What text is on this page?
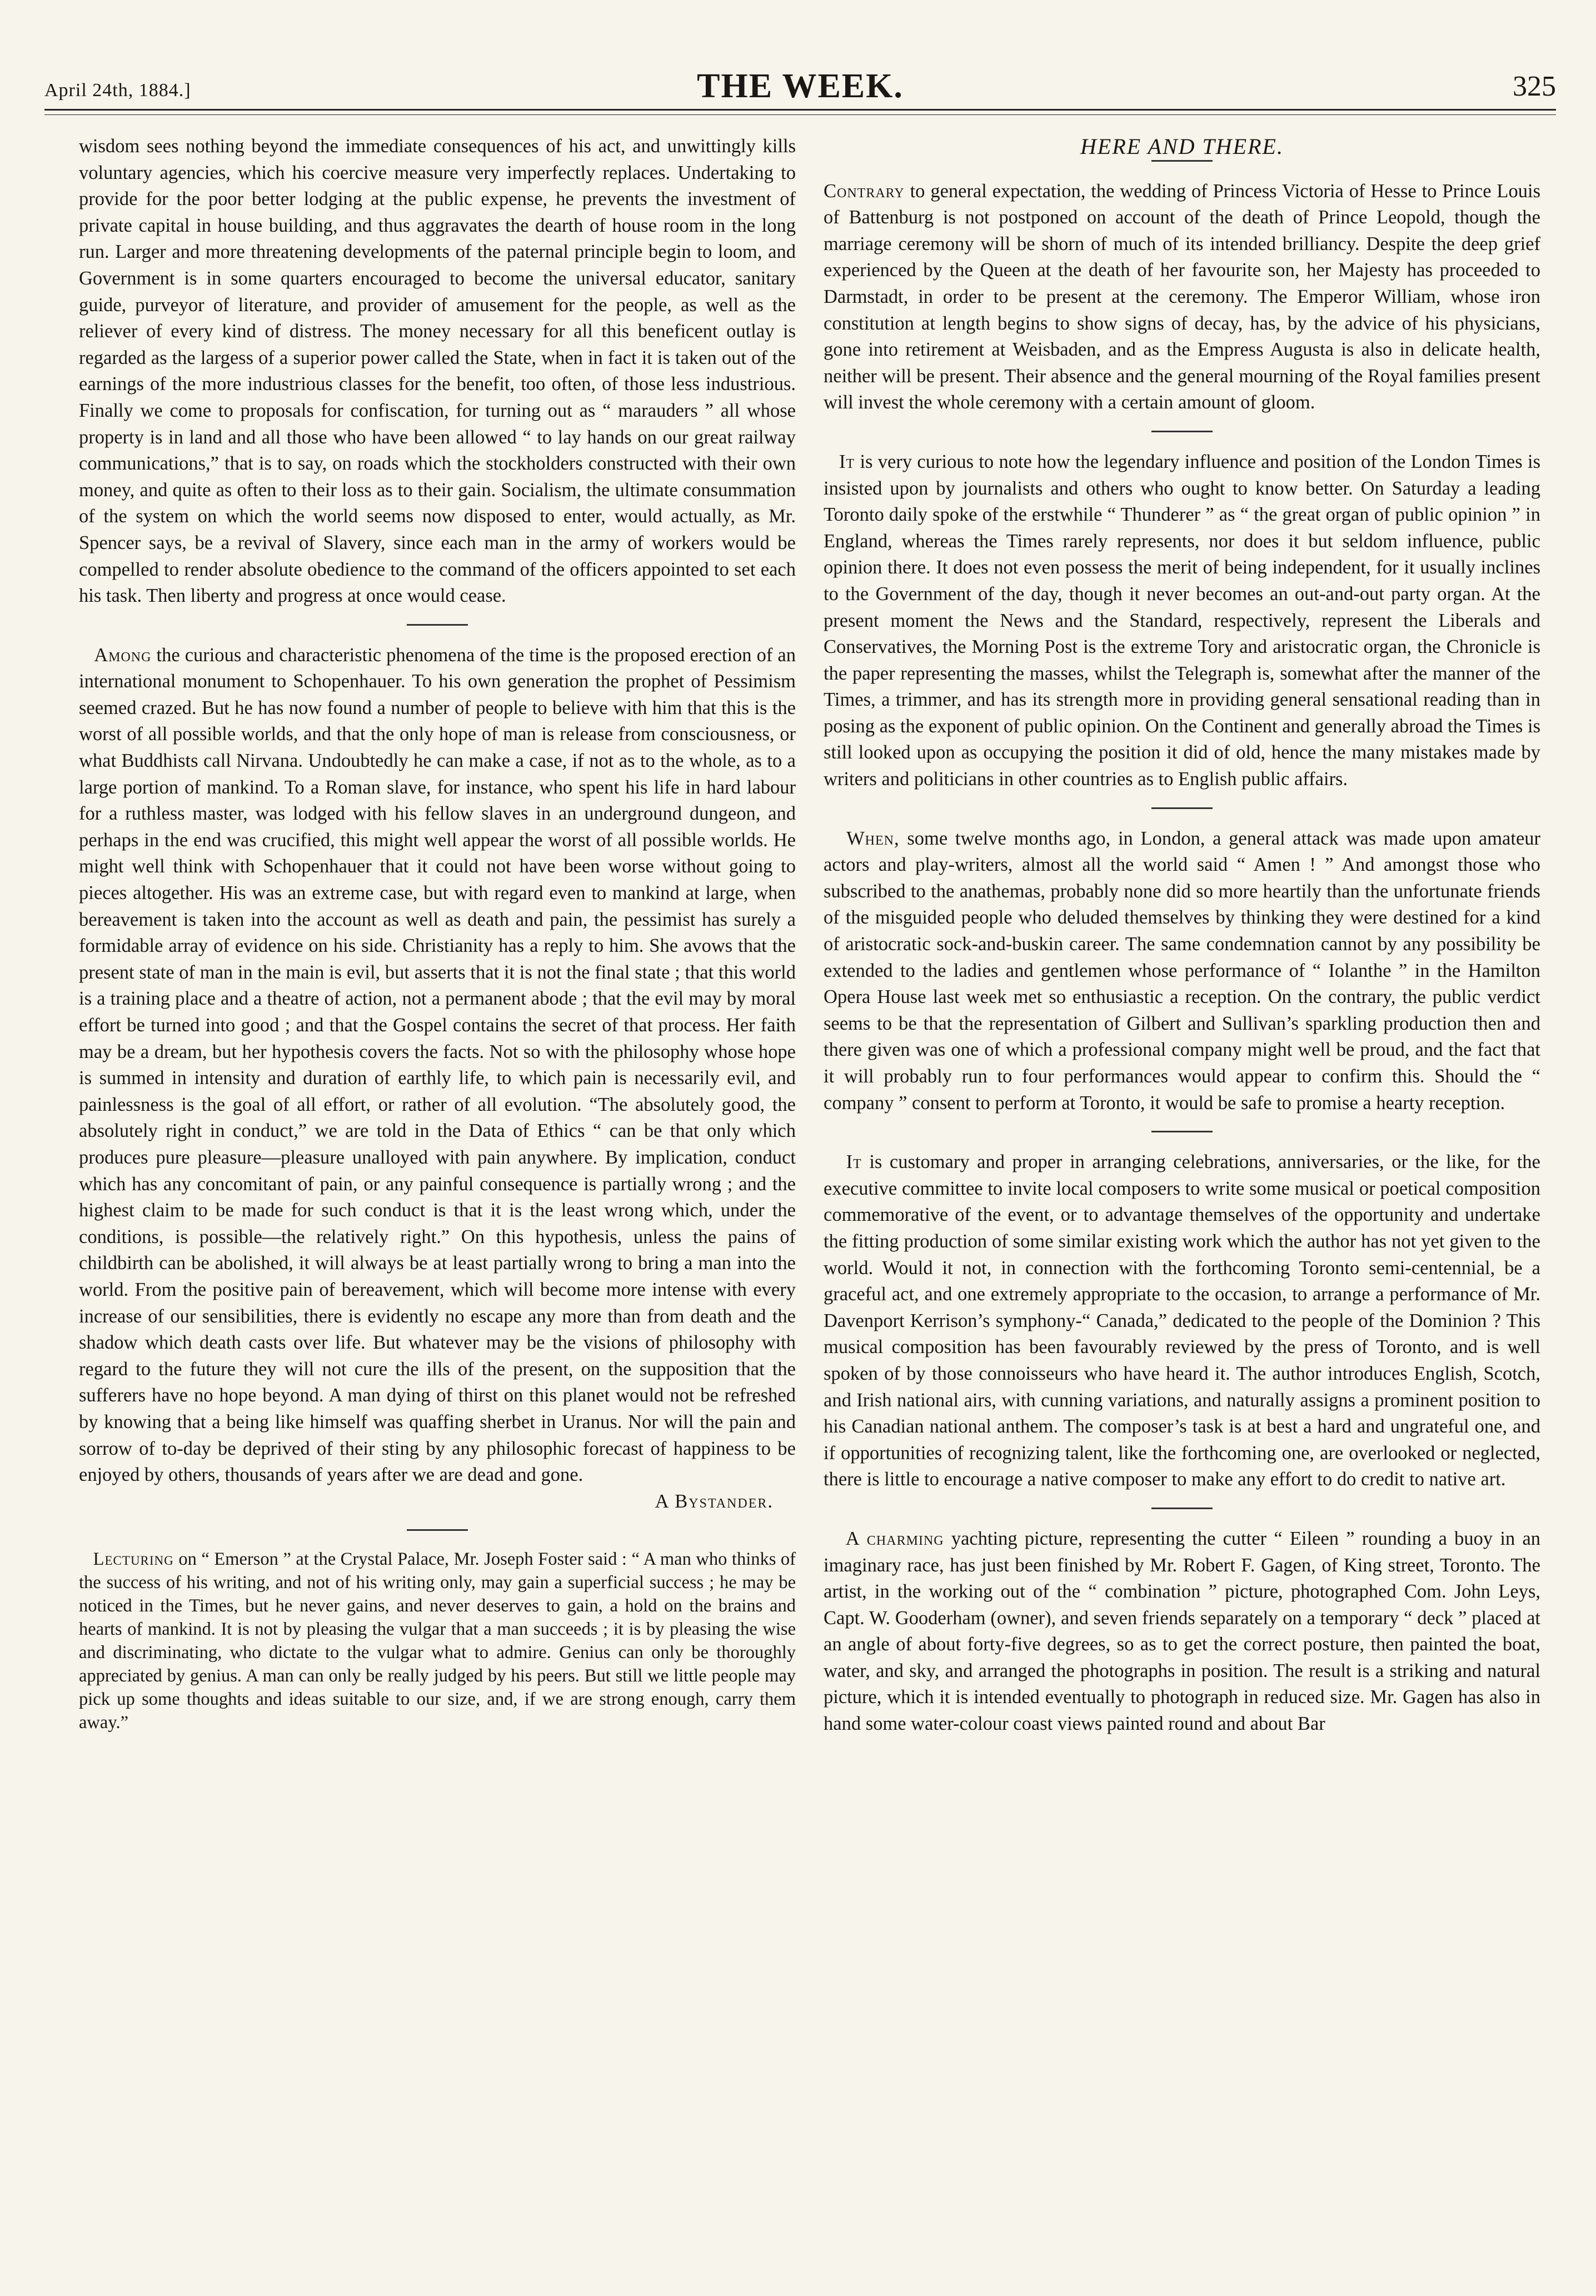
April 24th, 1884.]	THE WEEK.	325

wisdom sees nothing beyond the immediate consequences of his act, and unwittingly kills voluntary agencies, which his coercive measure very imperfectly replaces. Undertaking to provide for the poor better lodging at the public expense, he prevents the investment of private capital in house building, and thus aggravates the dearth of house room in the long run. Larger and more threatening developments of the paternal principle begin to loom, and Government is in some quarters encouraged to become the universal educator, sanitary guide, purveyor of literature, and provider of amusement for the people, as well as the reliever of every kind of distress. The money necessary for all this beneficent outlay is regarded as the largess of a superior power called the State, when in fact it is taken out of the earnings of the more industrious classes for the benefit, too often, of those less industrious. Finally we come to proposals for confiscation, for turning out as “ marauders ” all whose property is in land and all those who have been allowed “ to lay hands on our great railway communications,” that is to say, on roads which the stockholders constructed with their own money, and quite as often to their loss as to their gain. Socialism, the ultimate consummation of the system on which the world seems now disposed to enter, would actually, as Mr. Spencer says, be a revival of Slavery, since each man in the army of workers would be compelled to render absolute obedience to the command of the officers appointed to set each his task. Then liberty and progress at once would cease.

Among the curious and characteristic phenomena of the time is the proposed erection of an international monument to Schopenhauer. To his own generation the prophet of Pessimism seemed crazed. But he has now found a number of people to believe with him that this is the worst of all possible worlds, and that the only hope of man is release from consciousness, or what Buddhists call Nirvana. Undoubtedly he can make a case, if not as to the whole, as to a large portion of mankind. To a Roman slave, for instance, who spent his life in hard labour for a ruthless master, was lodged with his fellow slaves in an underground dungeon, and perhaps in the end was crucified, this might well appear the worst of all possible worlds. He might well think with Schopenhauer that it could not have been worse without going to pieces altogether. His was an extreme case, but with regard even to mankind at large, when bereavement is taken into the account as well as death and pain, the pessimist has surely a formidable array of evidence on his side. Christianity has a reply to him. She avows that the present state of man in the main is evil, but asserts that it is not the final state ; that this world is a training place and a theatre of action, not a permanent abode ; that the evil may by moral effort be turned into good ; and that the Gospel contains the secret of that process. Her faith may be a dream, but her hypothesis covers the facts. Not so with the philosophy whose hope is summed in intensity and duration of earthly life, to which pain is necessarily evil, and painlessness is the goal of all effort, or rather of all evolution. “The absolutely good, the absolutely right in conduct,” we are told in the Data of Ethics “ can be that only which produces pure pleasure—pleasure unalloyed with pain anywhere. By implication, conduct which has any concomitant of pain, or any painful consequence is partially wrong ; and the highest claim to be made for such conduct is that it is the least wrong which, under the conditions, is possible—the relatively right.” On this hypothesis, unless the pains of childbirth can be abolished, it will always be at least partially wrong to bring a man into the world. From the positive pain of bereavement, which will become more intense with every increase of our sensibilities, there is evidently no escape any more than from death and the shadow which death casts over life. But whatever may be the visions of philosophy with regard to the future they will not cure the ills of the present, on the supposition that the sufferers have no hope beyond. A man dying of thirst on this planet would not be refreshed by knowing that a being like himself was quaffing sherbet in Uranus. Nor will the pain and sorrow of to-day be deprived of their sting by any philosophic forecast of happiness to be enjoyed by others, thousands of years after we are dead and gone.

A Bystander.

Lecturing on “ Emerson ” at the Crystal Palace, Mr. Joseph Foster said : “ A man who thinks of the success of his writing, and not of his writing only, may gain a superficial success ; he may be noticed in the Times, but he never gains, and never deserves to gain, a hold on the brains and hearts of mankind. It is not by pleasing the vulgar that a man succeeds ; it is by pleasing the wise and discriminating, who dictate to the vulgar what to admire. Genius can only be thoroughly appreciated by genius. A man can only be really judged by his peers. But still we little people may pick up some thoughts and ideas suitable to our size, and, if we are strong enough, carry them away.”

HERE AND THERE.

Contrary to general expectation, the wedding of Princess Victoria of Hesse to Prince Louis of Battenburg is not postponed on account of the death of Prince Leopold, though the marriage ceremony will be shorn of much of its intended brilliancy. Despite the deep grief experienced by the Queen at the death of her favourite son, her Majesty has proceeded to Darmstadt, in order to be present at the ceremony. The Emperor William, whose iron constitution at length begins to show signs of decay, has, by the advice of his physicians, gone into retirement at Weisbaden, and as the Empress Augusta is also in delicate health, neither will be present. Their absence and the general mourning of the Royal families present will invest the whole ceremony with a certain amount of gloom.

It is very curious to note how the legendary influence and position of the London Times is insisted upon by journalists and others who ought to know better. On Saturday a leading Toronto daily spoke of the erstwhile “ Thunderer ” as “ the great organ of public opinion ” in England, whereas the Times rarely represents, nor does it but seldom influence, public opinion there. It does not even possess the merit of being independent, for it usually inclines to the Government of the day, though it never becomes an out-and-out party organ. At the present moment the News and the Standard, respectively, represent the Liberals and Conservatives, the Morning Post is the extreme Tory and aristocratic organ, the Chronicle is the paper representing the masses, whilst the Telegraph is, somewhat after the manner of the Times, a trimmer, and has its strength more in providing general sensational reading than in posing as the exponent of public opinion. On the Continent and generally abroad the Times is still looked upon as occupying the position it did of old, hence the many mistakes made by writers and politicians in other countries as to English public affairs.

When, some twelve months ago, in London, a general attack was made upon amateur actors and play-writers, almost all the world said “ Amen ! ” And amongst those who subscribed to the anathemas, probably none did so more heartily than the unfortunate friends of the misguided people who deluded themselves by thinking they were destined for a kind of aristocratic sock-and-buskin career. The same condemnation cannot by any possibility be extended to the ladies and gentlemen whose performance of “ Iolanthe ” in the Hamilton Opera House last week met so enthusiastic a reception. On the contrary, the public verdict seems to be that the representation of Gilbert and Sullivan’s sparkling production then and there given was one of which a professional company might well be proud, and the fact that it will probably run to four performances would appear to confirm this. Should the “ company ” consent to perform at Toronto, it would be safe to promise a hearty reception.

It is customary and proper in arranging celebrations, anniversaries, or the like, for the executive committee to invite local composers to write some musical or poetical composition commemorative of the event, or to advantage themselves of the opportunity and undertake the fitting production of some similar existing work which the author has not yet given to the world. Would it not, in connection with the forthcoming Toronto semi-centennial, be a graceful act, and one extremely appropriate to the occasion, to arrange a performance of Mr. Davenport Kerrison’s symphony-“ Canada,” dedicated to the people of the Dominion ? This musical composition has been favourably reviewed by the press of Toronto, and is well spoken of by those connoisseurs who have heard it. The author introduces English, Scotch, and Irish national airs, with cunning variations, and naturally assigns a prominent position to his Canadian national anthem. The composer’s task is at best a hard and ungrateful one, and if opportunities of recognizing talent, like the forthcoming one, are overlooked or neglected, there is little to encourage a native composer to make any effort to do credit to native art.

A charming yachting picture, representing the cutter “ Eileen ” rounding a buoy in an imaginary race, has just been finished by Mr. Robert F. Gagen, of King street, Toronto. The artist, in the working out of the “ combination ” picture, photographed Com. John Leys, Capt. W. Gooderham (owner), and seven friends separately on a temporary “ deck ” placed at an angle of about forty-five degrees, so as to get the correct posture, then painted the boat, water, and sky, and arranged the photographs in position. The result is a striking and natural picture, which it is intended eventually to photograph in reduced size. Mr. Gagen has also in hand some water-colour coast views painted round and about Bar
